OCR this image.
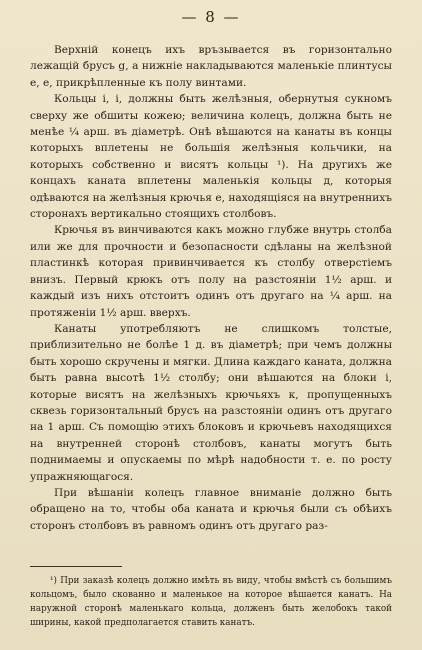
— 8 —

Верхній конецъ ихъ връзывается въ горизонтально лежащій брусъ g, а нижніе накладываются маленькіе плинтусы е, е, прикрѣпленные къ полу винтами.

Кольцы i, i, должны быть желѣзныя, обернутыя сукномъ сверху же обшиты кожею; величина колецъ, должна быть не менѣе ¼ арш. въ діаметрѣ. Онѣ вѣшаются на канаты въ концы которыхъ вплетены не большія желѣзныя кольчики, на которыхъ собственно и висятъ кольцы ¹). На другихъ же концахъ каната вплетены маленькія кольцы д, которыя одѣваются на желѣзныя крючья е, находящіяся на внутреннихъ сторонахъ вертикально стоящихъ столбовъ.

Крючья въ винчиваются какъ можно глубже внутрь столба или же для прочности и безопасности сдѣланы на желѣзной пластинкѣ которая привинчивается къ столбу отверстіемъ внизъ. Первый крюкъ отъ полу на разстояніи 1½ арш. и каждый изъ нихъ отстоитъ одинъ отъ другаго на ¼ арш. на протяженіи 1½ арш. вверхъ.

Канаты употребляютъ не слишкомъ толстые, приблизительно не болѣе 1 д. въ діаметрѣ; при чемъ должны быть хорошо скручены и мягки. Длина каждаго каната, должна быть равна высотѣ 1½ столбу; они вѣшаются на блоки і, которые висятъ на желѣзныхъ крючьяхъ к, пропущенныхъ сквезь горизонтальный брусъ на разстояніи одинъ отъ другаго на 1 арш. Съ помощію этихъ блоковъ и крючьевъ находящихся на внутренней сторонѣ столбовъ, канаты могутъ быть поднимаемы и опускаемы по мѣрѣ надобности т. е. по росту упражняющагося.

При вѣшаніи колецъ главное вниманіе должно быть обращено на то, чтобы оба каната и крючья были съ обѣихъ сторонъ столбовъ въ равномъ одинъ отъ другаго раз-

¹) При заказѣ колецъ должно имѣть въ виду, чтобы вмѣстѣ съ большимъ кольцомъ, было скованно и маленькое на которое вѣшается канатъ. На наружной сторонѣ маленькаго кольца, долженъ быть желобокъ такой ширины, какой предполагается ставить канатъ.
